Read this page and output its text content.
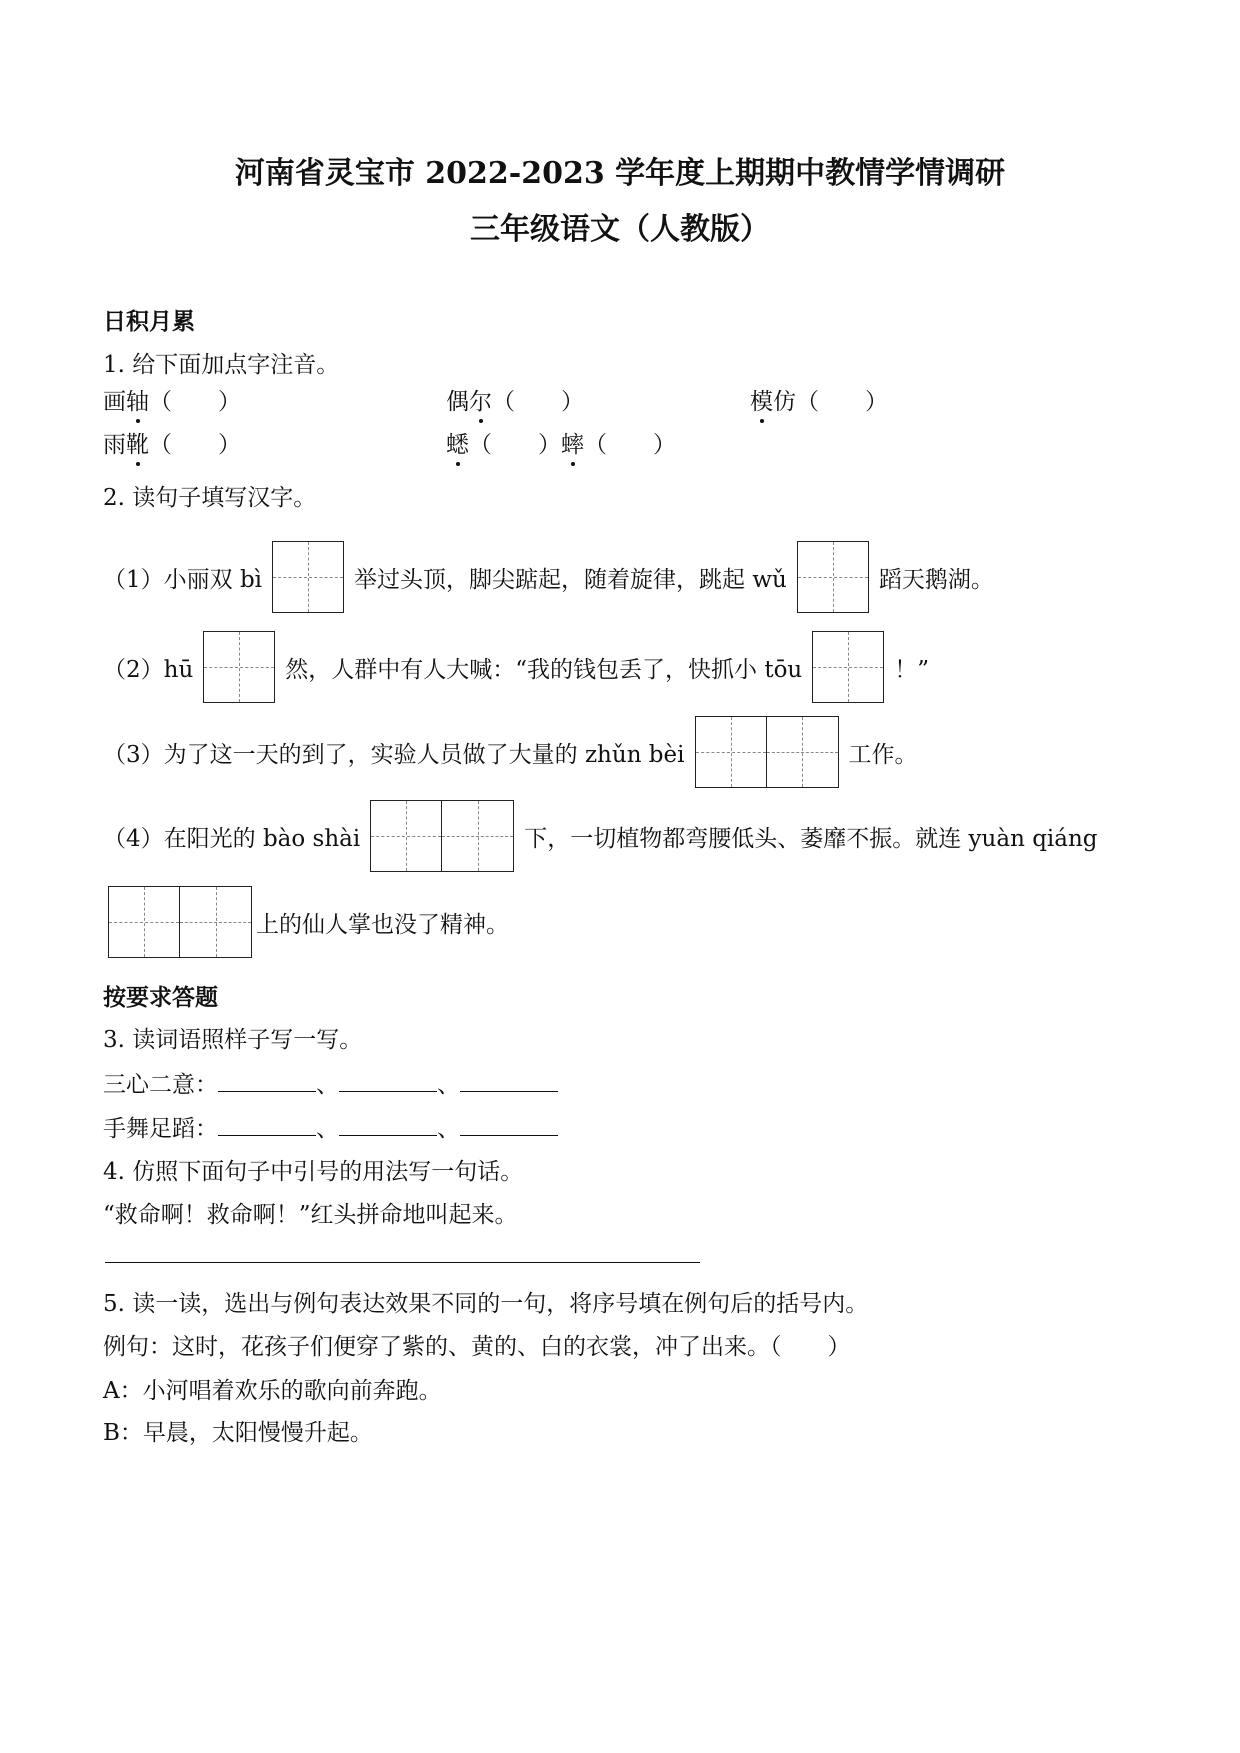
河南省灵宝市 2022-2023 学年度上期期中教情学情调研
三年级语文（人教版）
日积月累
1. 给下面加点字注音。
画轴（　　）	偶尔（　　）	模仿（　　）
雨靴（　　）	蟋（　　）蟀（　　）
2. 读句子填写汉字。
（1）小丽双 bì	举过头顶，脚尖踮起，随着旋律，跳起 wǔ	蹈天鹅湖。
（2）hū	然，人群中有人大喊：“我的钱包丢了，快抓小 tōu	！”
（3）为了这一天的到了，实验人员做了大量的 zhǔn bèi	工作。
（4）在阳光的 bào shài	下，一切植物都弯腰低头、萎靡不振。就连 yuàn qiáng
上的仙人掌也没了精神。
按要求答题
3. 读词语照样子写一写。
三心二意：	、	、
手舞足蹈：	、	、
4. 仿照下面句子中引号的用法写一句话。
“救命啊！救命啊！”红头拼命地叫起来。
5. 读一读，选出与例句表达效果不同的一句，将序号填在例句后的括号内。
例句：这时，花孩子们便穿了紫的、黄的、白的衣裳，冲了出来。（　　）
A：小河唱着欢乐的歌向前奔跑。
B：早晨，太阳慢慢升起。
